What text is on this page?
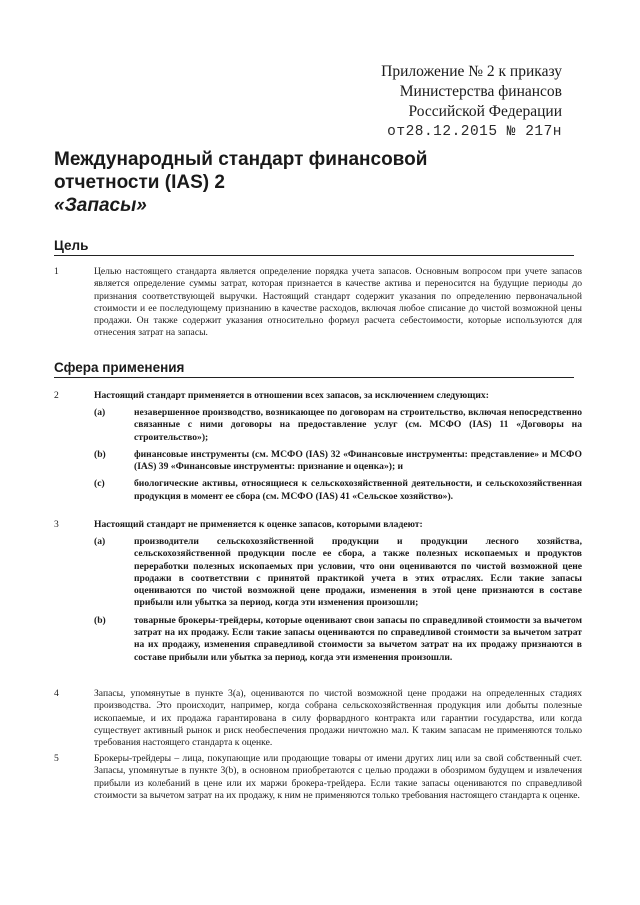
Приложение № 2 к приказу
Министерства финансов
Российской Федерации
от28.12.2015 № 217н
Международный стандарт финансовой
отчетности (IAS) 2
«Запасы»
Цель
1	Целью настоящего стандарта является определение порядка учета запасов. Основным вопросом при учете запасов является определение суммы затрат, которая признается в качестве актива и переносится на будущие периоды до признания соответствующей выручки. Настоящий стандарт содержит указания по определению первоначальной стоимости и ее последующему признанию в качестве расходов, включая любое списание до чистой возможной цены продажи. Он также содержит указания относительно формул расчета себестоимости, которые используются для отнесения затрат на запасы.
Сфера применения
2	Настоящий стандарт применяется в отношении всех запасов, за исключением следующих:
(a)	незавершенное производство, возникающее по договорам на строительство, включая непосредственно связанные с ними договоры на предоставление услуг (см. МСФО (IAS) 11 «Договоры на строительство»);
(b)	финансовые инструменты (см. МСФО (IAS) 32 «Финансовые инструменты: представление» и МСФО (IAS) 39 «Финансовые инструменты: признание и оценка»); и
(c)	биологические активы, относящиеся к сельскохозяйственной деятельности, и сельскохозяйственная продукция в момент ее сбора (см. МСФО (IAS) 41 «Сельское хозяйство»).
3	Настоящий стандарт не применяется к оценке запасов, которыми владеют:
(a)	производители сельскохозяйственной продукции и продукции лесного хозяйства, сельскохозяйственной продукции после ее сбора, а также полезных ископаемых и продуктов переработки полезных ископаемых при условии, что они оцениваются по чистой возможной цене продажи в соответствии с принятой практикой учета в этих отраслях. Если такие запасы оцениваются по чистой возможной цене продажи, изменения в этой цене признаются в составе прибыли или убытка за период, когда эти изменения произошли;
(b)	товарные брокеры-трейдеры, которые оценивают свои запасы по справедливой стоимости за вычетом затрат на их продажу. Если такие запасы оцениваются по справедливой стоимости за вычетом затрат на их продажу, изменения справедливой стоимости за вычетом затрат на их продажу признаются в составе прибыли или убытка за период, когда эти изменения произошли.
4	Запасы, упомянутые в пункте 3(a), оцениваются по чистой возможной цене продажи на определенных стадиях производства. Это происходит, например, когда собрана сельскохозяйственная продукция или добыты полезные ископаемые, и их продажа гарантирована в силу форвардного контракта или гарантии государства, или когда существует активный рынок и риск необеспечения продажи ничтожно мал. К таким запасам не применяются только требования настоящего стандарта к оценке.
5	Брокеры-трейдеры – лица, покупающие или продающие товары от имени других лиц или за свой собственный счет. Запасы, упомянутые в пункте 3(b), в основном приобретаются с целью продажи в обозримом будущем и извлечения прибыли из колебаний в цене или их маржи брокера-трейдера. Если такие запасы оцениваются по справедливой стоимости за вычетом затрат на их продажу, к ним не применяются только требования настоящего стандарта к оценке.
